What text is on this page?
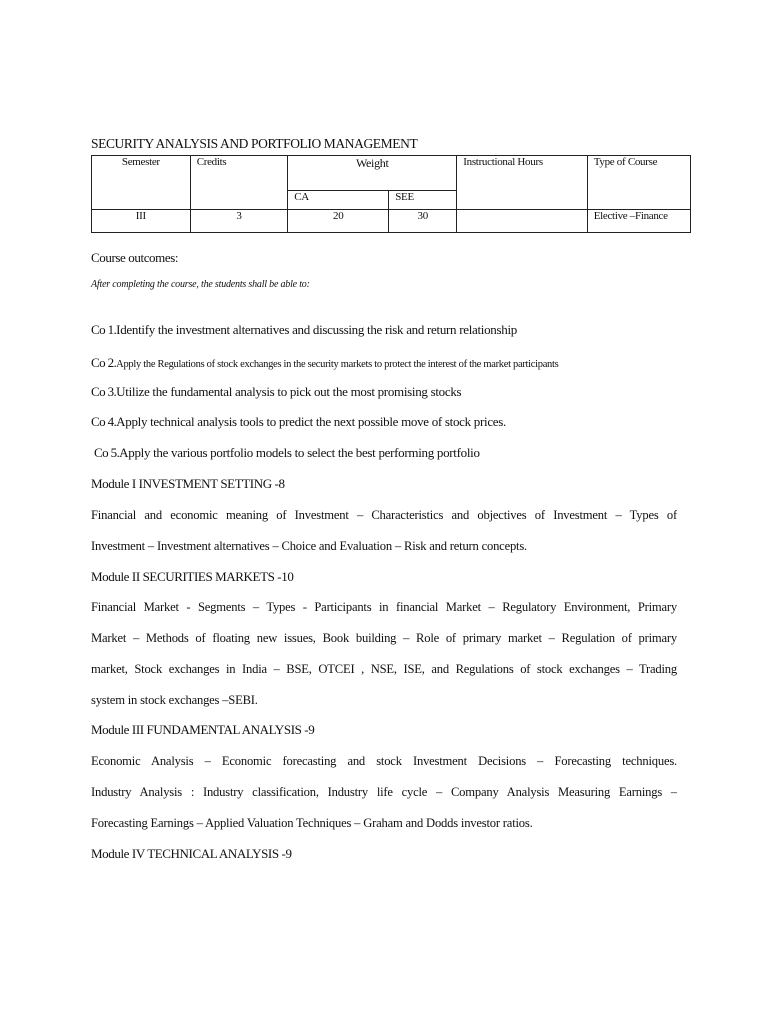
SECURITY ANALYSIS AND PORTFOLIO MANAGEMENT
Semester	Credits	Weight		Instructional Hours	Type of Course
		CA	SEE		
III	3	20	30		Elective –Finance
Course outcomes:
After completing the course, the students shall be able to:
Co 1.Identify the investment alternatives and discussing the risk and return relationship
Co 2.Apply the Regulations of stock exchanges in the security markets to protect the interest of the market participants
Co 3.Utilize the fundamental analysis to pick out the most promising stocks
Co 4.Apply technical analysis tools to predict the next possible move of stock prices.
Co 5.Apply the various portfolio models to select the best performing portfolio
Module I INVESTMENT SETTING -8
Financial and economic meaning of Investment – Characteristics and objectives of Investment – Types of
Investment – Investment alternatives – Choice and Evaluation – Risk and return concepts.
Module II SECURITIES MARKETS -10
Financial Market - Segments – Types - Participants in financial Market – Regulatory Environment, Primary
Market – Methods of floating new issues, Book building – Role of primary market – Regulation of primary
market, Stock exchanges in India – BSE, OTCEI , NSE, ISE, and Regulations of stock exchanges – Trading
system in stock exchanges –SEBI.
Module III FUNDAMENTAL ANALYSIS -9
Economic Analysis – Economic forecasting and stock Investment Decisions – Forecasting techniques.
Industry Analysis : Industry classification, Industry life cycle – Company Analysis Measuring Earnings –
Forecasting Earnings – Applied Valuation Techniques – Graham and Dodds investor ratios.
Module IV TECHNICAL ANALYSIS -9
